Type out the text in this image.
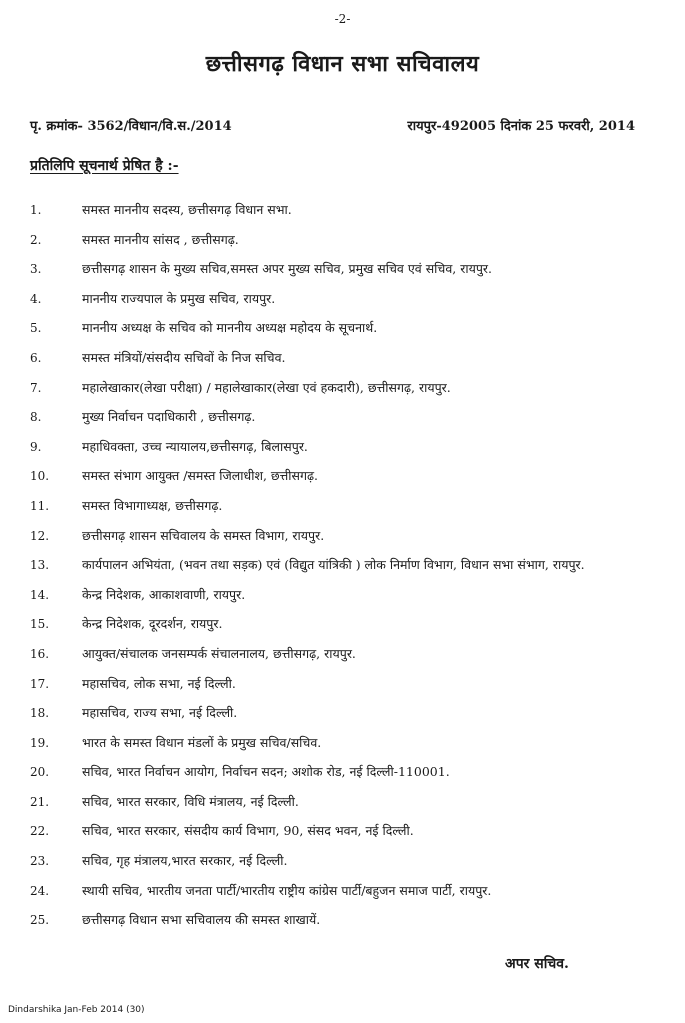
-2-
छत्तीसगढ़ विधान सभा सचिवालय
पृ. क्रमांक- 3562/विधान/वि.स./2014	रायपुर-492005 दिनांक 25 फरवरी, 2014
प्रतिलिपि सूचनार्थ प्रेषित है :-
1.	समस्त माननीय सदस्य, छत्तीसगढ़ विधान सभा.
2.	समस्त माननीय सांसद , छत्तीसगढ़.
3.	छत्तीसगढ़ शासन के मुख्य सचिव,समस्त अपर मुख्य सचिव, प्रमुख सचिव एवं सचिव, रायपुर.
4.	माननीय राज्यपाल के प्रमुख सचिव, रायपुर.
5.	माननीय अध्यक्ष के सचिव को माननीय अध्यक्ष महोदय के सूचनार्थ.
6.	समस्त मंत्रियों/संसदीय सचिवों के निज सचिव.
7.	महालेखाकार(लेखा परीक्षा) / महालेखाकार(लेखा एवं हकदारी), छत्तीसगढ़, रायपुर.
8.	मुख्य निर्वाचन पदाधिकारी , छत्तीसगढ़.
9.	महाधिवक्ता, उच्च न्यायालय,छत्तीसगढ़, बिलासपुर.
10.	समस्त संभाग आयुक्त /समस्त जिलाधीश, छत्तीसगढ़.
11.	समस्त विभागाध्यक्ष, छत्तीसगढ़.
12.	छत्तीसगढ़ शासन सचिवालय के समस्त विभाग, रायपुर.
13.	कार्यपालन अभियंता, (भवन तथा सड़क) एवं (विद्युत यांत्रिकी ) लोक निर्माण विभाग, विधान सभा संभाग, रायपुर.
14.	केन्द्र निदेशक, आकाशवाणी, रायपुर.
15.	केन्द्र निदेशक, दूरदर्शन, रायपुर.
16.	आयुक्त/संचालक जनसम्पर्क संचालनालय, छत्तीसगढ़, रायपुर.
17.	महासचिव, लोक सभा, नई दिल्ली.
18.	महासचिव, राज्य सभा, नई दिल्ली.
19.	भारत के समस्त विधान मंडलों के प्रमुख सचिव/सचिव.
20.	सचिव, भारत निर्वाचन आयोग, निर्वाचन सदन; अशोक रोड, नई दिल्ली-110001.
21.	सचिव, भारत सरकार, विधि मंत्रालय, नई दिल्ली.
22.	सचिव, भारत सरकार, संसदीय कार्य विभाग, 90, संसद भवन, नई दिल्ली.
23.	सचिव, गृह मंत्रालय,भारत सरकार, नई दिल्ली.
24.	स्थायी सचिव, भारतीय जनता पार्टी/भारतीय राष्ट्रीय कांग्रेस पार्टी/बहुजन समाज पार्टी, रायपुर.
25.	छत्तीसगढ़ विधान सभा सचिवालय की समस्त शाखायें.
अपर सचिव.
Dindarshika Jan-Feb 2014 (30)
